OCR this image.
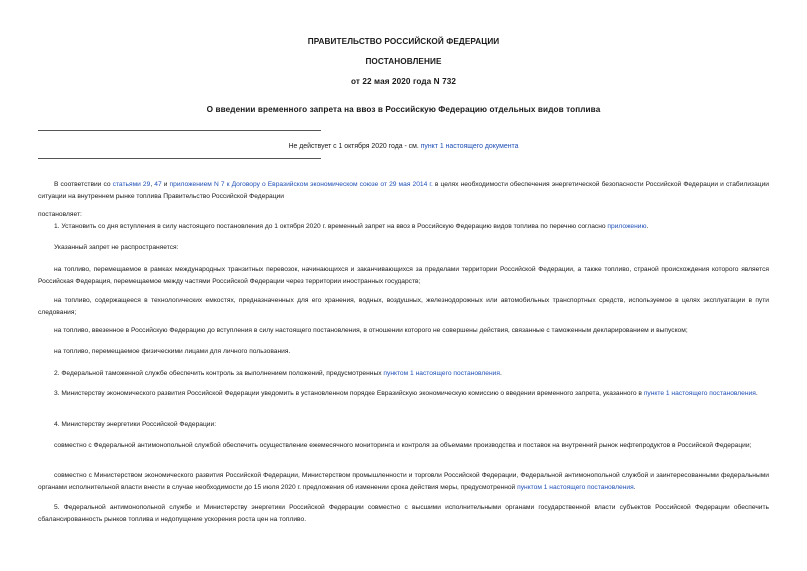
ПРАВИТЕЛЬСТВО РОССИЙСКОЙ ФЕДЕРАЦИИ
ПОСТАНОВЛЕНИЕ
от 22 мая 2020 года N 732
О введении временного запрета на ввоз в Российскую Федерацию отдельных видов топлива
Не действует с 1 октября 2020 года - см. пункт 1 настоящего документа
В соответствии со статьями 29, 47 и приложением N 7 к Договору о Евразийском экономическом союзе от 29 мая 2014 г. в целях необходимости обеспечения энергетической безопасности Российской Федерации и стабилизации ситуации на внутреннем рынке топлива Правительство Российской Федерации
постановляет:
1. Установить со дня вступления в силу настоящего постановления до 1 октября 2020 г. временный запрет на ввоз в Российскую Федерацию видов топлива по перечню согласно приложению.
Указанный запрет не распространяется:
на топливо, перемещаемое в рамках международных транзитных перевозок, начинающихся и заканчивающихся за пределами территории Российской Федерации, а также топливо, страной происхождения которого является Российская Федерация, перемещаемое между частями Российской Федерации через территории иностранных государств;
на топливо, содержащееся в технологических емкостях, предназначенных для его хранения, водных, воздушных, железнодорожных или автомобильных транспортных средств, используемое в целях эксплуатации в пути следования;
на топливо, ввезенное в Российскую Федерацию до вступления в силу настоящего постановления, в отношении которого не совершены действия, связанные с таможенным декларированием и выпуском;
на топливо, перемещаемое физическими лицами для личного пользования.
2. Федеральной таможенной службе обеспечить контроль за выполнением положений, предусмотренных пунктом 1 настоящего постановления.
3. Министерству экономического развития Российской Федерации уведомить в установленном порядке Евразийскую экономическую комиссию о введении временного запрета, указанного в пункте 1 настоящего постановления.
4. Министерству энергетики Российской Федерации:
совместно с Федеральной антимонопольной службой обеспечить осуществление ежемесячного мониторинга и контроля за объемами производства и поставок на внутренний рынок нефтепродуктов в Российской Федерации;
совместно с Министерством экономического развития Российской Федерации, Министерством промышленности и торговли Российской Федерации, Федеральной антимонопольной службой и заинтересованными федеральными органами исполнительной власти внести в случае необходимости до 15 июля 2020 г. предложения об изменении срока действия меры, предусмотренной пунктом 1 настоящего постановления.
5. Федеральной антимонопольной службе и Министерству энергетики Российской Федерации совместно с высшими исполнительными органами государственной власти субъектов Российской Федерации обеспечить сбалансированность рынков топлива и недопущение ускорения роста цен на топливо.
